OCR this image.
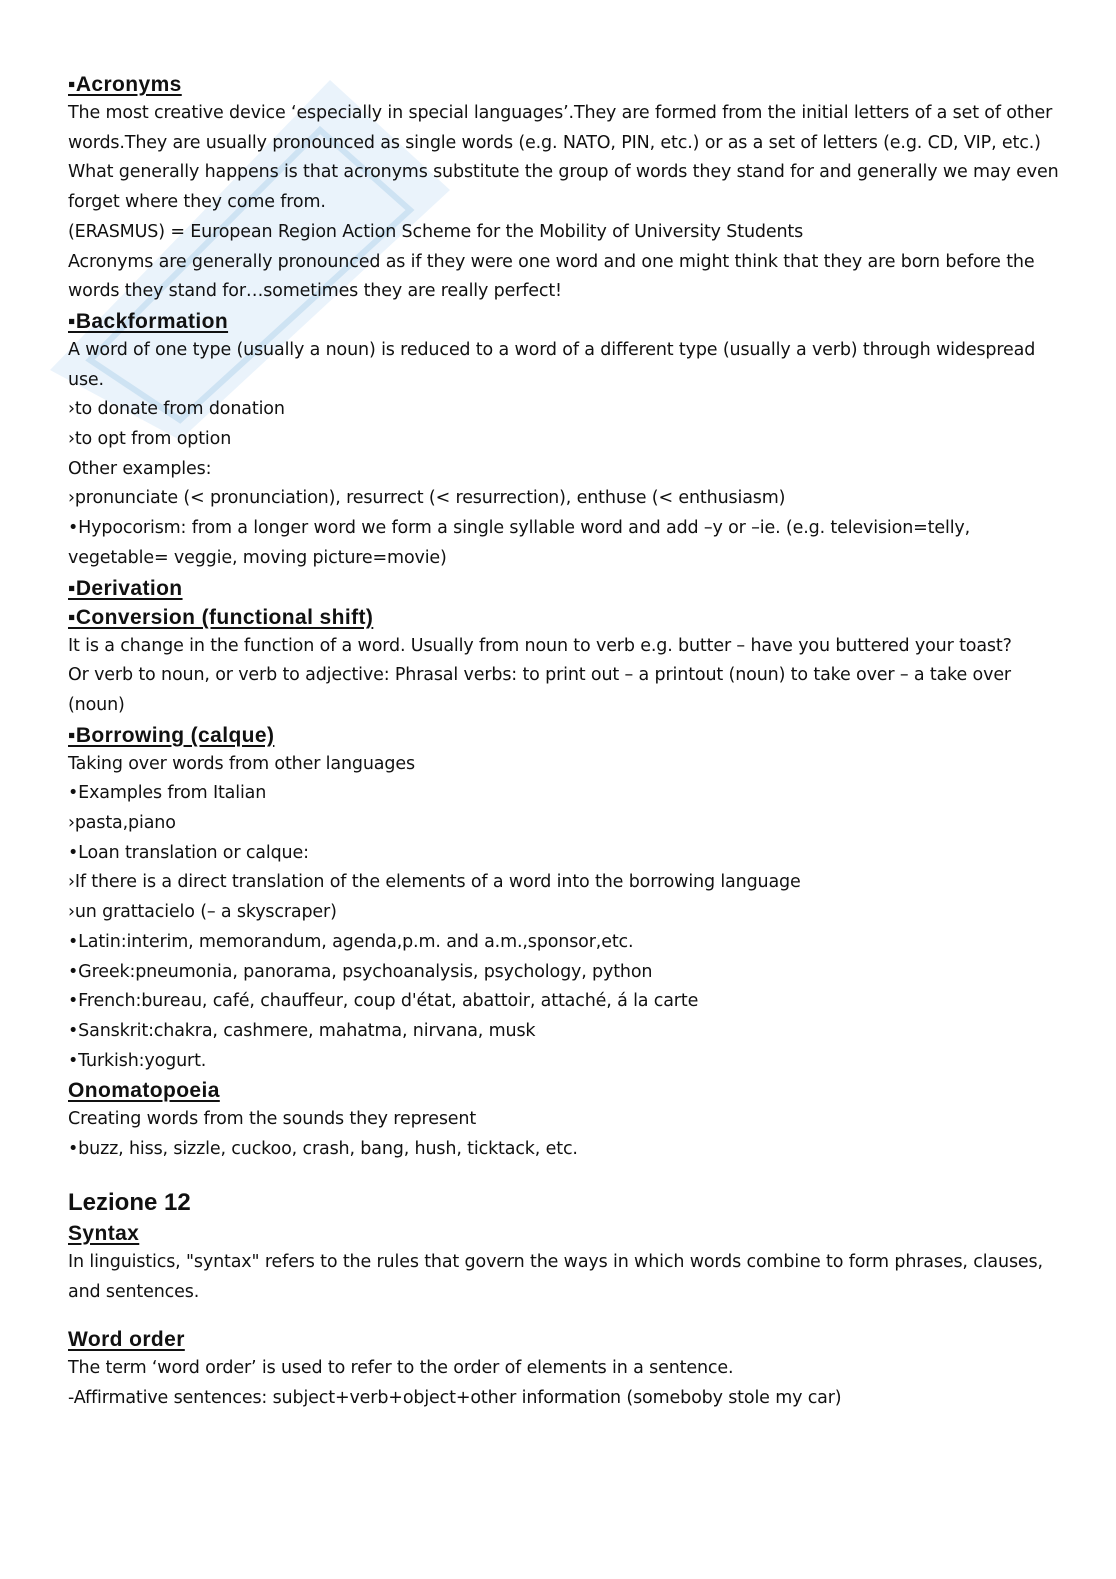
▪Acronyms

The most creative device ‘especially in special languages’.They are formed from the initial letters of a set of other words.They are usually pronounced as single words (e.g. NATO, PIN, etc.) or as a set of letters (e.g. CD, VIP, etc.)

What generally happens is that acronyms substitute the group of words they stand for and generally we may even forget where they come from.

(ERASMUS) = European Region Action Scheme for the Mobility of University Students

Acronyms are generally pronounced as if they were one word and one might think that they are born before the words they stand for…sometimes they are really perfect!

▪Backformation

A word of one type (usually a noun) is reduced to a word of a different type (usually a verb) through widespread use.

›to donate from donation

›to opt from option

Other examples:

›pronunciate (< pronunciation), resurrect (< resurrection), enthuse (< enthusiasm)

•Hypocorism: from a longer word we form a single syllable word and add –y or –ie. (e.g. television=telly, vegetable= veggie, moving picture=movie)

▪Derivation
▪Conversion (functional shift)

It is a change in the function of a word. Usually from noun to verb e.g. butter – have you buttered your toast?

Or verb to noun, or verb to adjective: Phrasal verbs: to print out – a printout (noun) to take over – a take over (noun)

▪Borrowing (calque)

Taking over words from other languages

•Examples from Italian

›pasta,piano

•Loan translation or calque:

›If there is a direct translation of the elements of a word into the borrowing language

›un grattacielo (– a skyscraper)

•Latin:interim, memorandum, agenda,p.m. and a.m.,sponsor,etc.

•Greek:pneumonia, panorama, psychoanalysis, psychology, python

•French:bureau, café, chauffeur, coup d'état, abattoir, attaché, á la carte

•Sanskrit:chakra, cashmere, mahatma, nirvana, musk

•Turkish:yogurt.

Onomatopoeia

Creating words from the sounds they represent

•buzz, hiss, sizzle, cuckoo, crash, bang, hush, ticktack, etc.

Lezione 12
Syntax

In linguistics, "syntax" refers to the rules that govern the ways in which words combine to form phrases, clauses, and sentences.

Word order

The term ‘word order’ is used to refer to the order of elements in a sentence.

-Affirmative sentences: subject+verb+object+other information (someboby stole my car)
